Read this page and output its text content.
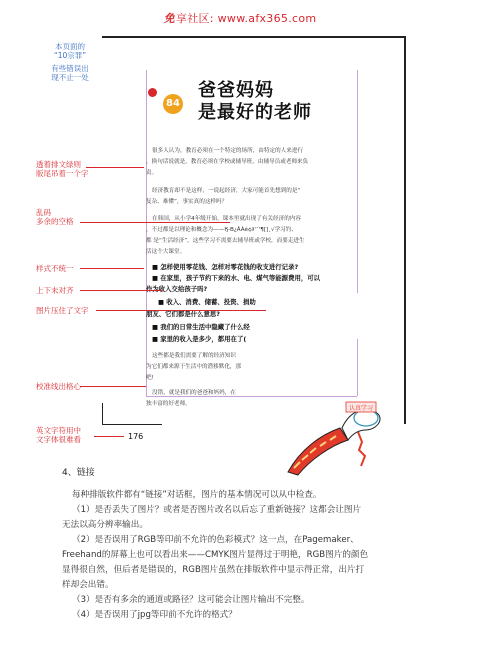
免享社区: www.afx365.com
本页面的
“10宗罪”
有些错误出
现不止一处
84
爸爸妈妈
是最好的老师
很多人认为，教育必须在一个特定的场所，由特定的人来进行
，换句话说就是，教育必须在学校或辅导班，由辅导员或老师来负
责。
经济教育却不是这样，一说起经济，大家可能首先想到的是“
复杂、难懂”，事实真的这样吗？
在韩国，从小学4年级开始，课本里就出现了有关经济的内容
，不过都是以理论和概念为——Ӄ-В¿ÂÀé¢∂'¯'¶[]¸√学习钓、
都 是“生活经济”，这些学习不需要去辅导班或学校，而要走进生
活这个大课堂。
■ 怎样使用零花钱、怎样对零花钱的收支进行记录?
■ 在家里，孩子节约下来的水、电、煤气等能源费用，可以
作为收入交给孩子吗?
■ 收入、消费、储蓄、投资、捐助
朋友、它们都是什么意思?
■ 我们的日常生活中隐藏了什么经
■ 家里的收入是多少，都用在了(
这些都是我们需要了解的经济知识
为它们都来源于生活中的潜移默化，那
吧!
没错，就是我们的爸爸和妈妈，在
独丰富的好老师。
176
认真学习
透着排文绿则
版尾吊着一个字
乱码
多余的空格
样式不统一
上下未对齐
图片压住了文字
校准线出格心
英文字符用中
文字体很难看
4、链接
每种排版软件都有“链接”对话框，图片的基本情况可以从中检查。
（1）是否丢失了图片？或者是否图片改名以后忘了重新链接？这都会让图片
无法以高分辨率输出。
（2）是否误用了RGB等印前不允许的色彩模式？这一点，在Pagemaker、
Freehand的屏幕上也可以看出来——CMYK图片显得过于明艳，RGB图片的颜色
显得很自然，但后者是错误的，RGB图片虽然在排版软件中显示得正常，出片打
样却会出错。
（3）是否有多余的通道或路径？这可能会让图片输出不完整。
（4）是否误用了jpg等印前不允许的格式？
